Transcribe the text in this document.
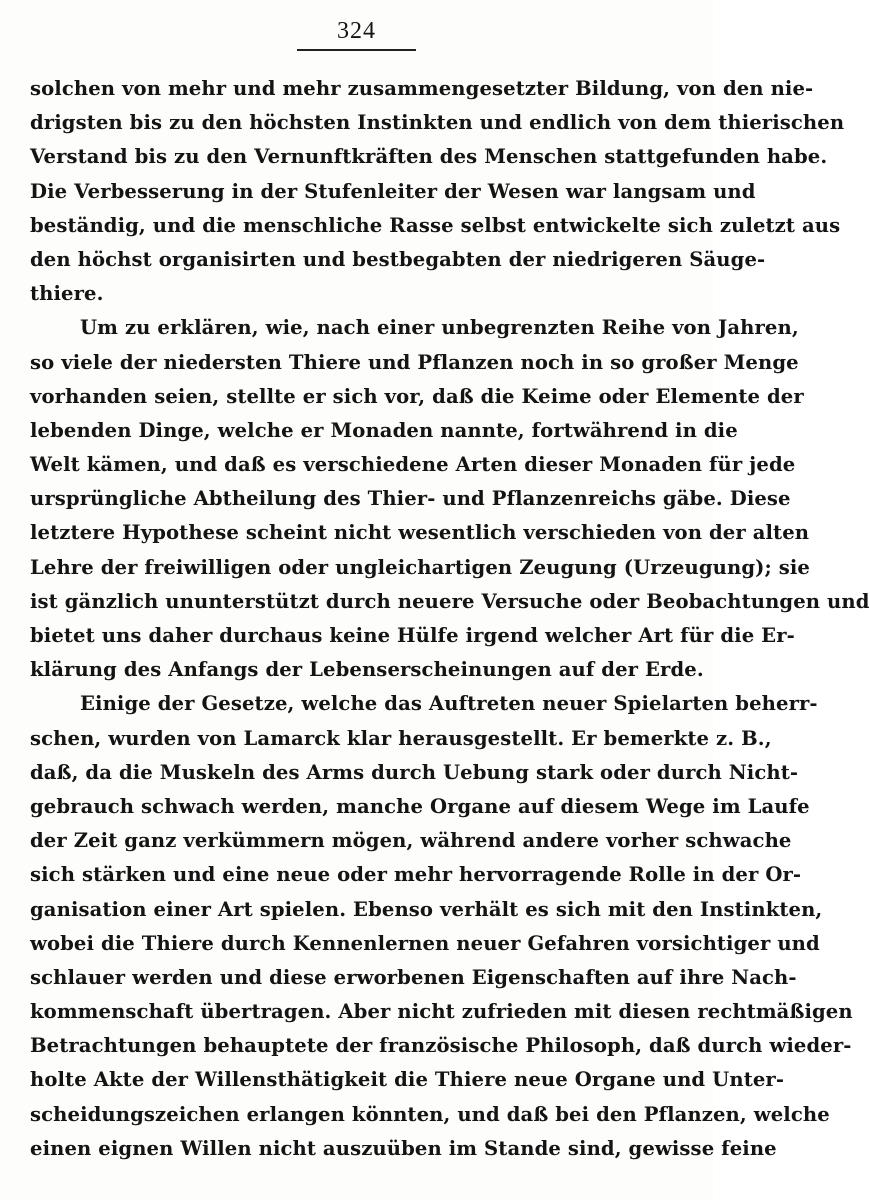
324
solchen von mehr und mehr zusammengesetzter Bildung, von den nie-
drigsten bis zu den höchsten Instinkten und endlich von dem thierischen
Verstand bis zu den Vernunftkräften des Menschen stattgefunden habe.
Die Verbesserung in der Stufenleiter der Wesen war langsam und
beständig, und die menschliche Rasse selbst entwickelte sich zuletzt aus
den höchst organisirten und bestbegabten der niedrigeren Säuge-
thiere.
Um zu erklären, wie, nach einer unbegrenzten Reihe von Jahren,
so viele der niedersten Thiere und Pflanzen noch in so großer Menge
vorhanden seien, stellte er sich vor, daß die Keime oder Elemente der
lebenden Dinge, welche er Monaden nannte, fortwährend in die
Welt kämen, und daß es verschiedene Arten dieser Monaden für jede
ursprüngliche Abtheilung des Thier- und Pflanzenreichs gäbe. Diese
letztere Hypothese scheint nicht wesentlich verschieden von der alten
Lehre der freiwilligen oder ungleichartigen Zeugung (Urzeugung); sie
ist gänzlich ununterstützt durch neuere Versuche oder Beobachtungen und
bietet uns daher durchaus keine Hülfe irgend welcher Art für die Er-
klärung des Anfangs der Lebenserscheinungen auf der Erde.
Einige der Gesetze, welche das Auftreten neuer Spielarten beherr-
schen, wurden von Lamarck klar herausgestellt. Er bemerkte z. B.,
daß, da die Muskeln des Arms durch Uebung stark oder durch Nicht-
gebrauch schwach werden, manche Organe auf diesem Wege im Laufe
der Zeit ganz verkümmern mögen, während andere vorher schwache
sich stärken und eine neue oder mehr hervorragende Rolle in der Or-
ganisation einer Art spielen. Ebenso verhält es sich mit den Instinkten,
wobei die Thiere durch Kennenlernen neuer Gefahren vorsichtiger und
schlauer werden und diese erworbenen Eigenschaften auf ihre Nach-
kommenschaft übertragen. Aber nicht zufrieden mit diesen rechtmäßigen
Betrachtungen behauptete der französische Philosoph, daß durch wieder-
holte Akte der Willensthätigkeit die Thiere neue Organe und Unter-
scheidungszeichen erlangen könnten, und daß bei den Pflanzen, welche
einen eignen Willen nicht auszuüben im Stande sind, gewisse feine
